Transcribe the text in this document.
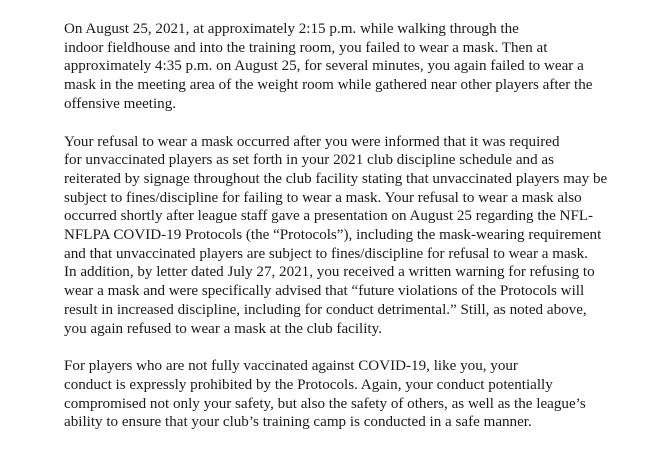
On August 25, 2021, at approximately 2:15 p.m. while walking through the
indoor fieldhouse and into the training room, you failed to wear a mask. Then at
approximately 4:35 p.m. on August 25, for several minutes, you again failed to wear a
mask in the meeting area of the weight room while gathered near other players after the
offensive meeting.

Your refusal to wear a mask occurred after you were informed that it was required
for unvaccinated players as set forth in your 2021 club discipline schedule and as
reiterated by signage throughout the club facility stating that unvaccinated players may be
subject to fines/discipline for failing to wear a mask. Your refusal to wear a mask also
occurred shortly after league staff gave a presentation on August 25 regarding the NFL-
NFLPA COVID-19 Protocols (the “Protocols”), including the mask-wearing requirement
and that unvaccinated players are subject to fines/discipline for refusal to wear a mask.
In addition, by letter dated July 27, 2021, you received a written warning for refusing to
wear a mask and were specifically advised that “future violations of the Protocols will
result in increased discipline, including for conduct detrimental.” Still, as noted above,
you again refused to wear a mask at the club facility.

For players who are not fully vaccinated against COVID-19, like you, your
conduct is expressly prohibited by the Protocols. Again, your conduct potentially
compromised not only your safety, but also the safety of others, as well as the league’s
ability to ensure that your club’s training camp is conducted in a safe manner.
